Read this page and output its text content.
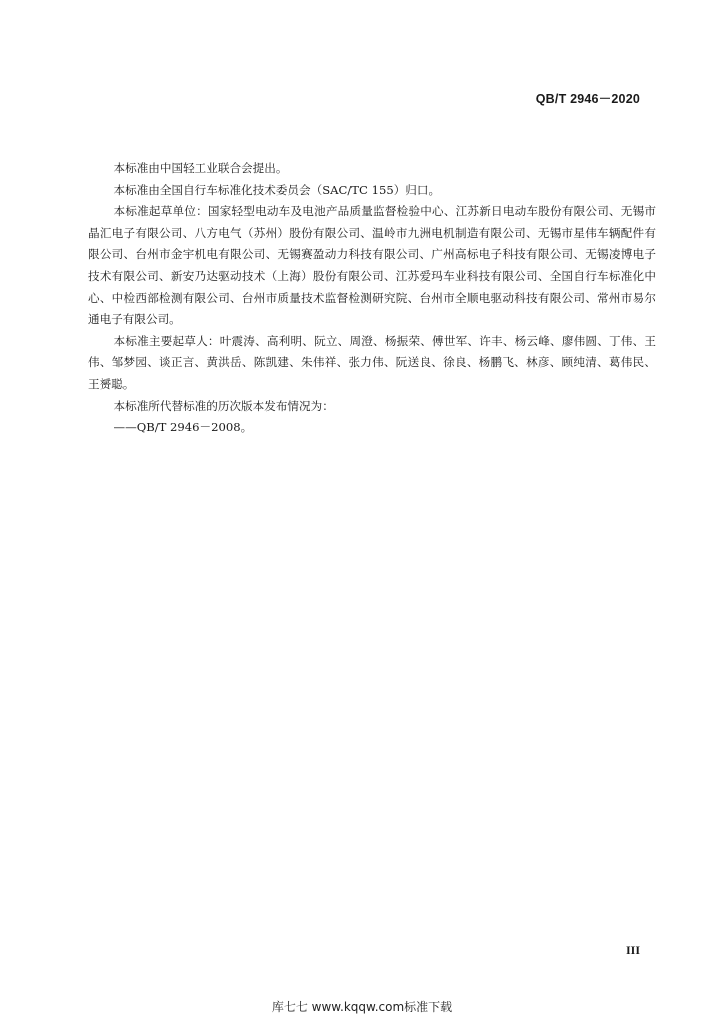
QB/T 2946－2020

本标准由中国轻工业联合会提出。

本标准由全国自行车标准化技术委员会（SAC/TC 155）归口。

本标准起草单位：国家轻型电动车及电池产品质量监督检验中心、江苏新日电动车股份有限公司、无锡市晶汇电子有限公司、八方电气（苏州）股份有限公司、温岭市九洲电机制造有限公司、无锡市星伟车辆配件有限公司、台州市金宇机电有限公司、无锡赛盈动力科技有限公司、广州高标电子科技有限公司、无锡凌博电子技术有限公司、新安乃达驱动技术（上海）股份有限公司、江苏爱玛车业科技有限公司、全国自行车标准化中心、中检西部检测有限公司、台州市质量技术监督检测研究院、台州市全顺电驱动科技有限公司、常州市易尔通电子有限公司。

本标准主要起草人：叶震涛、高利明、阮立、周澄、杨振荣、傅世军、许丰、杨云峰、廖伟圆、丁伟、王伟、邹梦园、谈正言、黄洪岳、陈凯建、朱伟祥、张力伟、阮送良、徐良、杨鹏飞、林彦、顾纯清、葛伟民、王赟聪。

本标准所代替标准的历次版本发布情况为：

——QB/T 2946－2008。

III
库七七 www.kqqw.com标准下载
